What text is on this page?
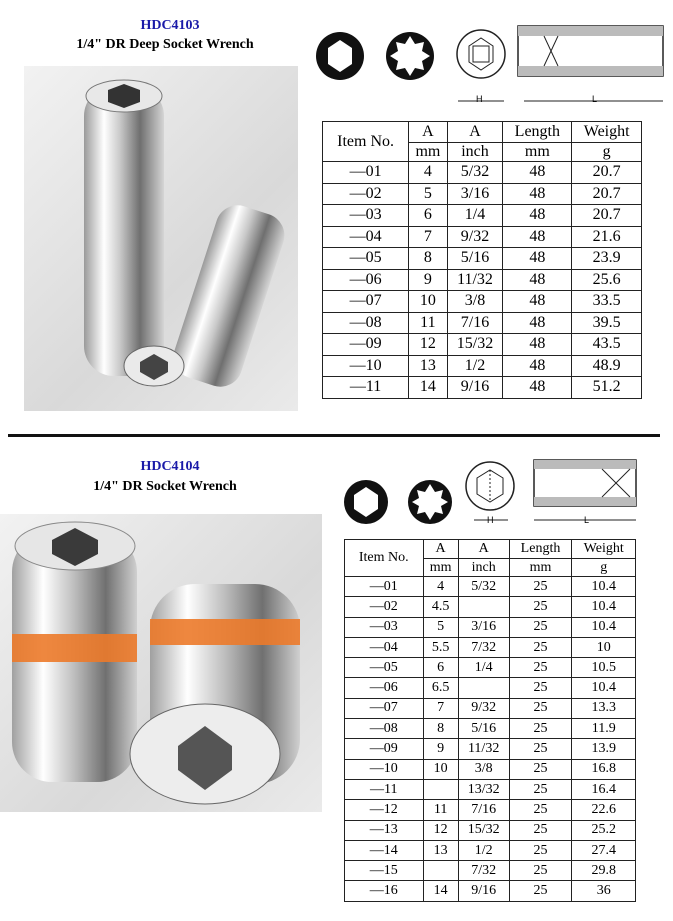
HDC4103
1/4" DR Deep Socket Wrench
H	L
Item No.	A	A	Length	Weight
	mm	inch	mm	g
—01	4	5/32	48	20.7
—02	5	3/16	48	20.7
—03	6	1/4	48	20.7
—04	7	9/32	48	21.6
—05	8	5/16	48	23.9
—06	9	11/32	48	25.6
—07	10	3/8	48	33.5
—08	11	7/16	48	39.5
—09	12	15/32	48	43.5
—10	13	1/2	48	48.9
—11	14	9/16	48	51.2
HDC4104
1/4" DR Socket Wrench
H	L
Item No.	A	A	Length	Weight
	mm	inch	mm	g
—01	4	5/32	25	10.4
—02	4.5		25	10.4
—03	5	3/16	25	10.4
—04	5.5	7/32	25	10
—05	6	1/4	25	10.5
—06	6.5		25	10.4
—07	7	9/32	25	13.3
—08	8	5/16	25	11.9
—09	9	11/32	25	13.9
—10	10	3/8	25	16.8
—11		13/32	25	16.4
—12	11	7/16	25	22.6
—13	12	15/32	25	25.2
—14	13	1/2	25	27.4
—15		7/32	25	29.8
—16	14	9/16	25	36
